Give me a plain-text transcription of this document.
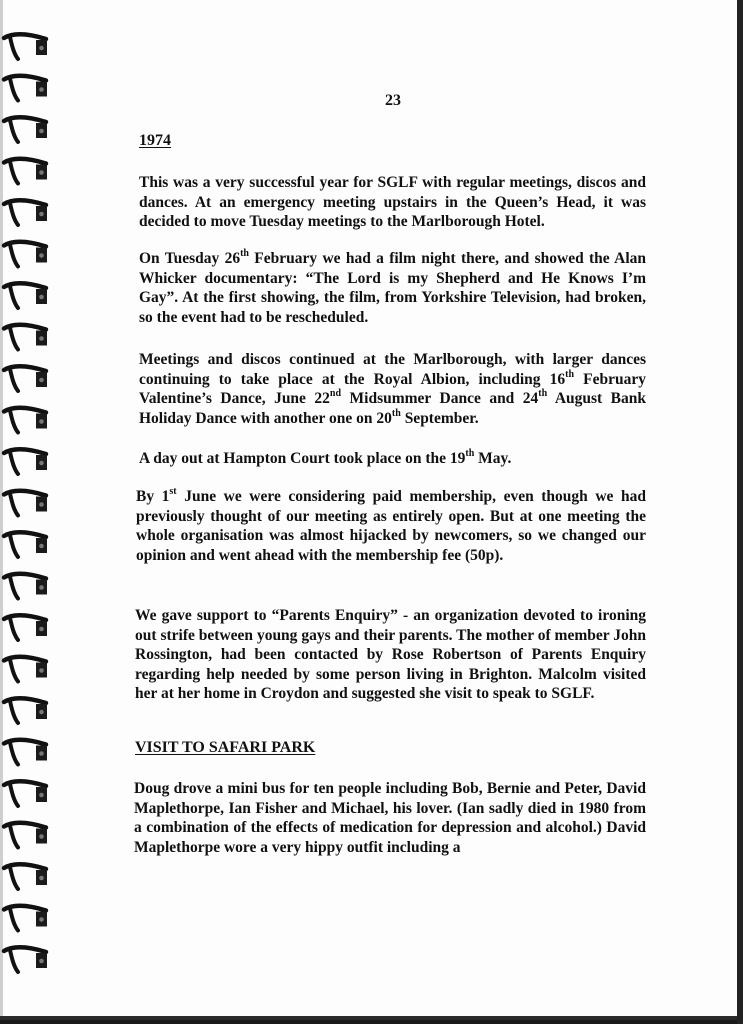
23
1974

This was a very successful year for SGLF with regular meetings, discos and dances. At an emergency meeting upstairs in the Queen’s Head, it was decided to move Tuesday meetings to the Marlborough Hotel.

On Tuesday 26th February we had a film night there, and showed the Alan Whicker documentary: “The Lord is my Shepherd and He Knows I’m Gay”. At the first showing, the film, from Yorkshire Television, had broken, so the event had to be rescheduled.

Meetings and discos continued at the Marlborough, with larger dances continuing to take place at the Royal Albion, including 16th February Valentine’s Dance, June 22nd Midsummer Dance and 24th August Bank Holiday Dance with another one on 20th September.

A day out at Hampton Court took place on the 19th May.

By 1st June we were considering paid membership, even though we had previously thought of our meeting as entirely open. But at one meeting the whole organisation was almost hijacked by newcomers, so we changed our opinion and went ahead with the membership fee (50p).

We gave support to “Parents Enquiry” - an organization devoted to ironing out strife between young gays and their parents. The mother of member John Rossington, had been contacted by Rose Robertson of Parents Enquiry regarding help needed by some person living in Brighton. Malcolm visited her at her home in Croydon and suggested she visit to speak to SGLF.

VISIT TO SAFARI PARK

Doug drove a mini bus for ten people including Bob, Bernie and Peter, David Maplethorpe, Ian Fisher and Michael, his lover. (Ian sadly died in 1980 from a combination of the effects of medication for depression and alcohol.) David Maplethorpe wore a very hippy outfit including a
